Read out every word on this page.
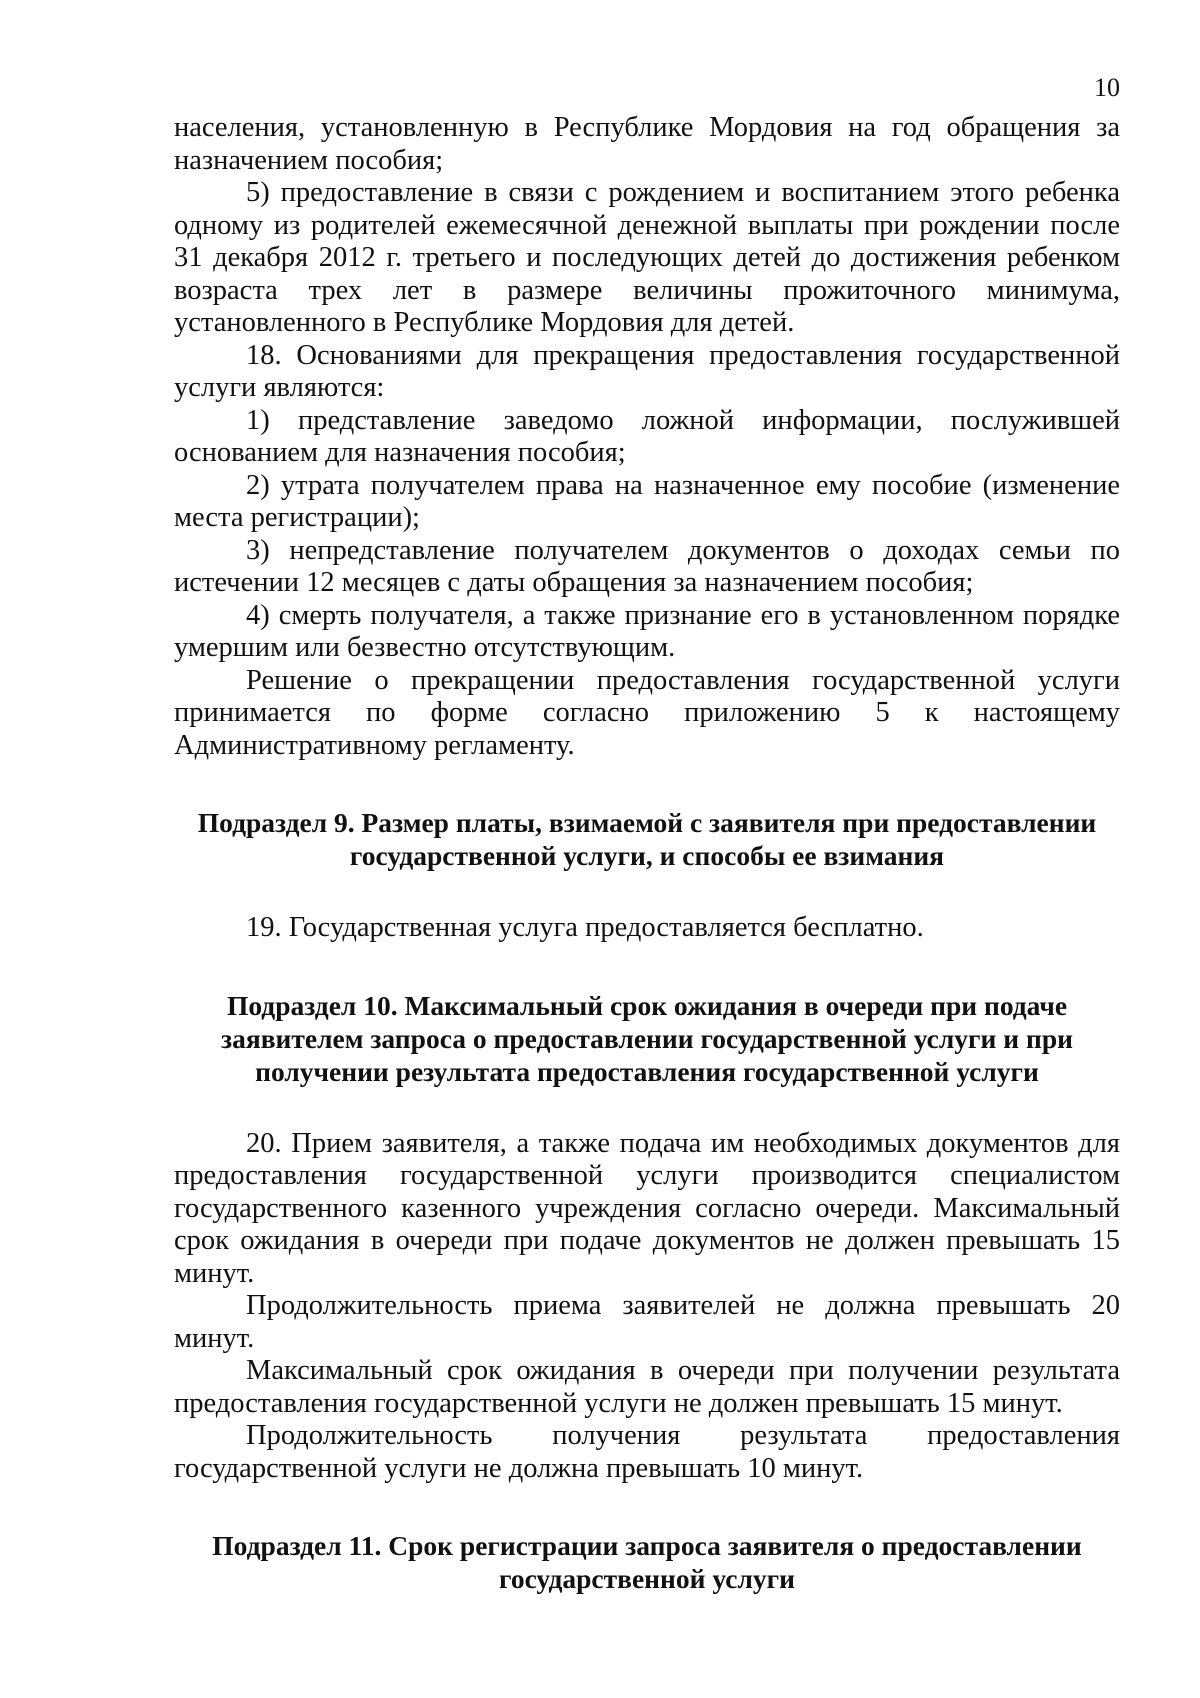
10

населения, установленную в Республике Мордовия на год обращения за назначением пособия;

5) предоставление в связи с рождением и воспитанием этого ребенка одному из родителей ежемесячной денежной выплаты при рождении после 31 декабря 2012 г. третьего и последующих детей до достижения ребенком возраста трех лет в размере величины прожиточного минимума, установленного в Республике Мордовия для детей.

18. Основаниями для прекращения предоставления государственной услуги являются:

1) представление заведомо ложной информации, послужившей основанием для назначения пособия;

2) утрата получателем права на назначенное ему пособие (изменение места регистрации);

3) непредставление получателем документов о доходах семьи по истечении 12 месяцев с даты обращения за назначением пособия;

4) смерть получателя, а также признание его в установленном порядке умершим или безвестно отсутствующим.

Решение о прекращении предоставления государственной услуги принимается по форме согласно приложению 5 к настоящему Административному регламенту.

Подраздел 9. Размер платы, взимаемой с заявителя при предоставлении

государственной услуги, и способы ее взимания

19. Государственная услуга предоставляется бесплатно.

Подраздел 10. Максимальный срок ожидания в очереди при подаче

заявителем запроса о предоставлении государственной услуги и при

получении результата предоставления государственной услуги

20. Прием заявителя, а также подача им необходимых документов для предоставления государственной услуги производится специалистом государственного казенного учреждения согласно очереди. Максимальный срок ожидания в очереди при подаче документов не должен превышать 15 минут.

Продолжительность приема заявителей не должна превышать 20 минут.

Максимальный срок ожидания в очереди при получении результата предоставления государственной услуги не должен превышать 15 минут.

Продолжительность получения результата предоставления государственной услуги не должна превышать 10 минут.

Подраздел 11. Срок регистрации запроса заявителя о предоставлении

государственной услуги
